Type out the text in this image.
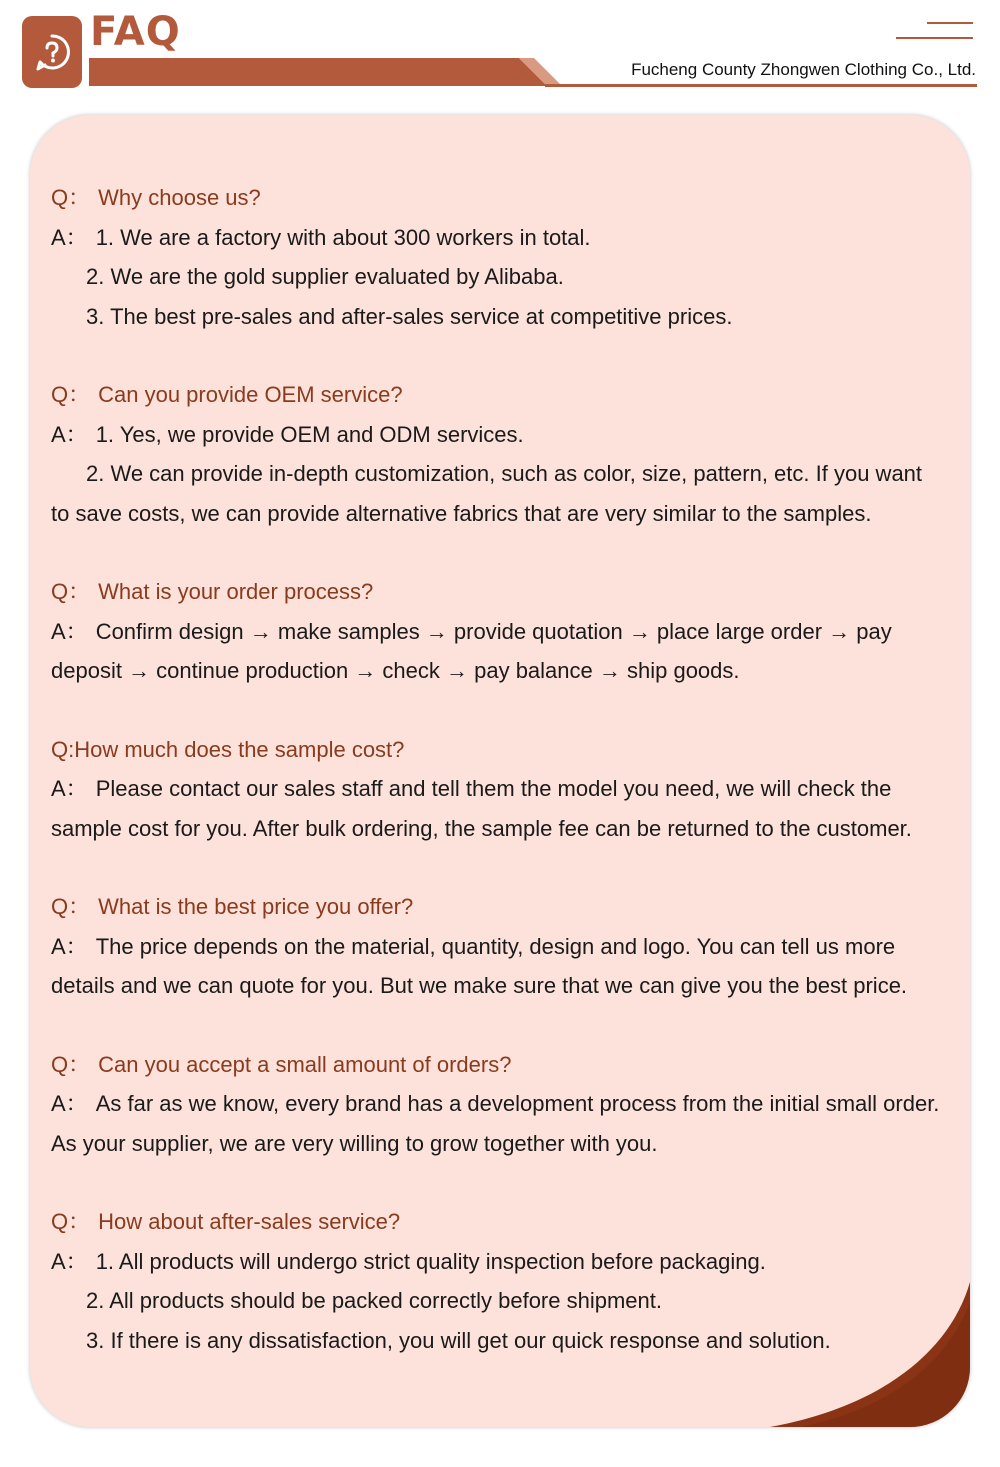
FAQ
Fucheng County Zhongwen Clothing Co., Ltd.
Q： Why choose us?
A： 1. We are a factory with about 300 workers in total.
2. We are the gold supplier evaluated by Alibaba.
3. The best pre-sales and after-sales service at competitive prices.
Q： Can you provide OEM service?
A： 1. Yes, we provide OEM and ODM services.
2. We can provide in-depth customization, such as color, size, pattern, etc. If you want
to save costs, we can provide alternative fabrics that are very similar to the samples.
Q： What is your order process?
A： Confirm design → make samples → provide quotation → place large order → pay
deposit → continue production → check → pay balance → ship goods.
Q:How much does the sample cost?
A： Please contact our sales staff and tell them the model you need, we will check the
sample cost for you. After bulk ordering, the sample fee can be returned to the customer.
Q： What is the best price you offer?
A： The price depends on the material, quantity, design and logo. You can tell us more
details and we can quote for you. But we make sure that we can give you the best price.
Q： Can you accept a small amount of orders?
A： As far as we know, every brand has a development process from the initial small order.
As your supplier, we are very willing to grow together with you.
Q： How about after-sales service?
A： 1. All products will undergo strict quality inspection before packaging.
2. All products should be packed correctly before shipment.
3. If there is any dissatisfaction, you will get our quick response and solution.
